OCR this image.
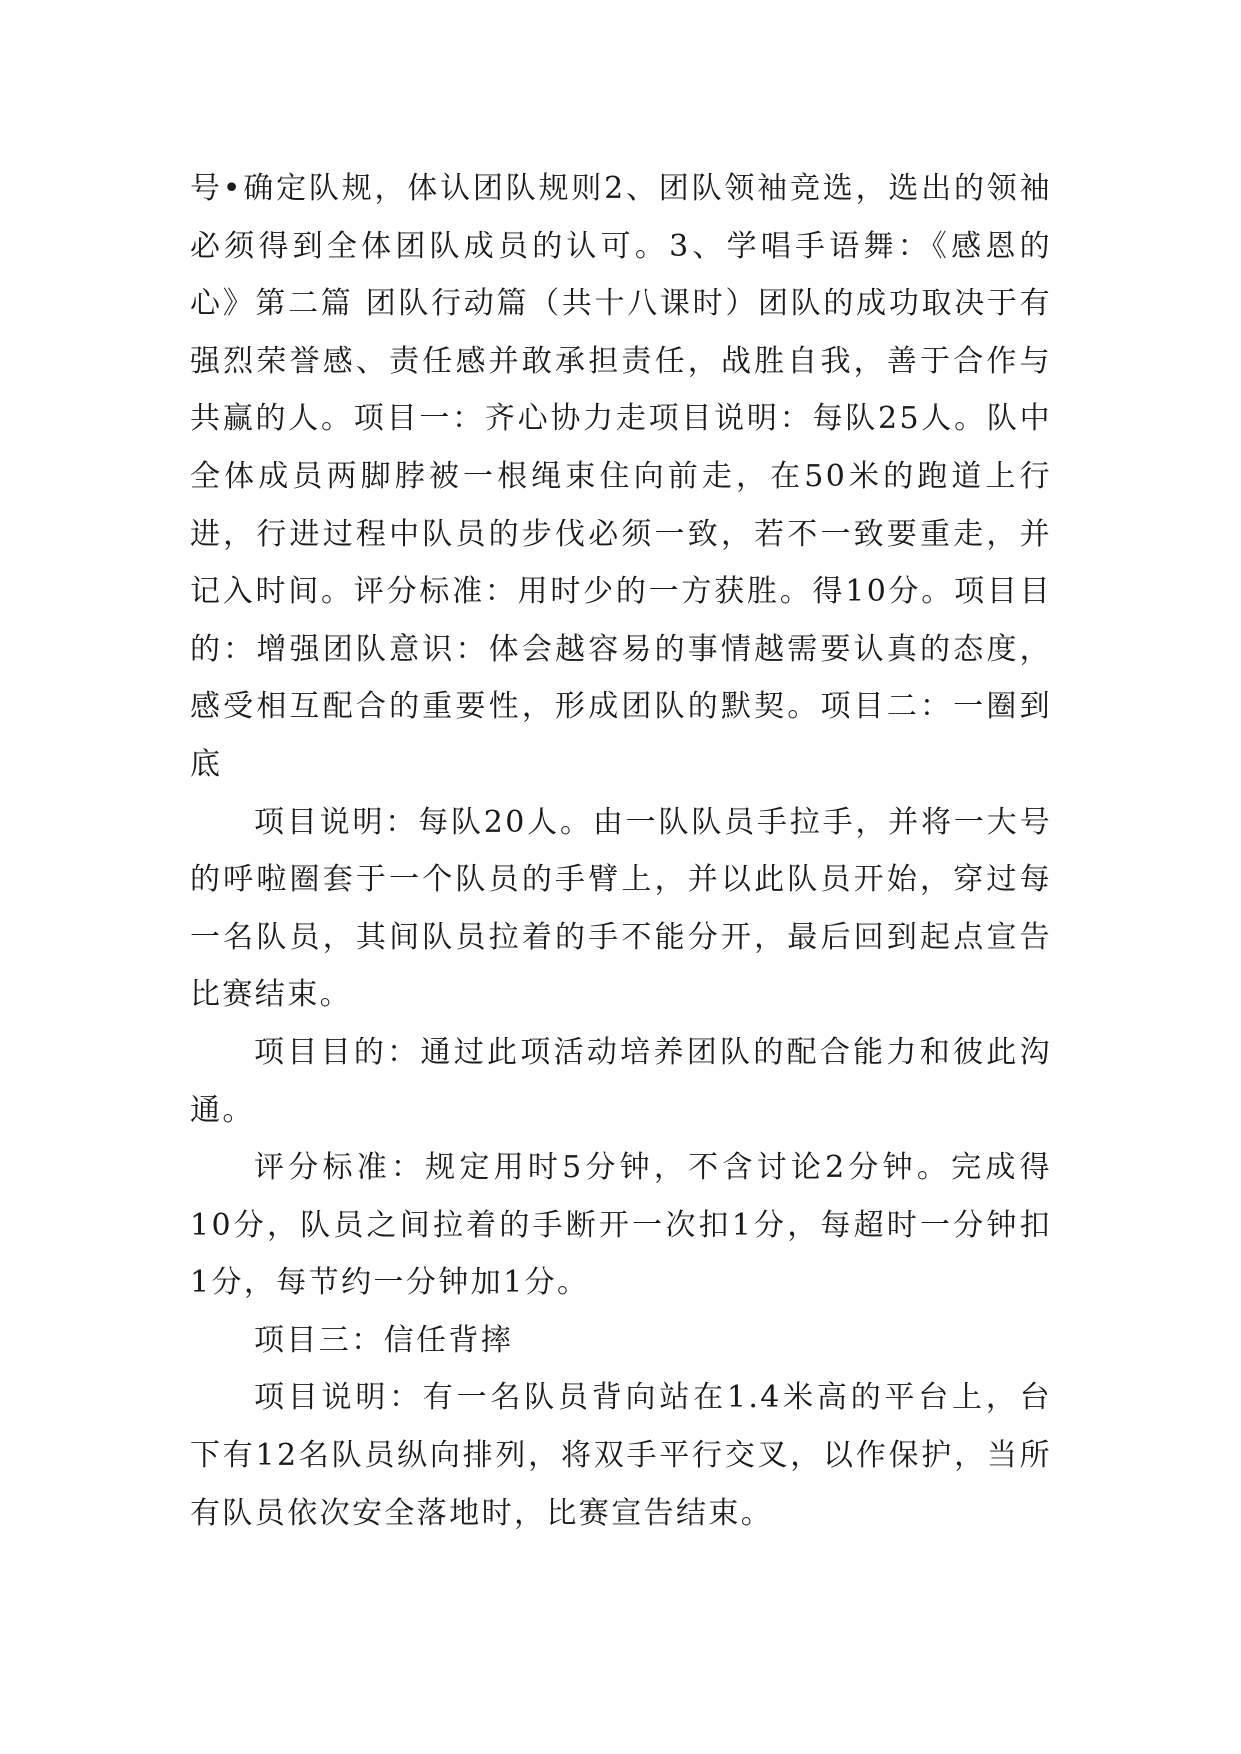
号•确定队规，体认团队规则2、团队领袖竞选，选出的领袖必须得到全体团队成员的认可。3、学唱手语舞：《感恩的心》第二篇 团队行动篇（共十八课时）团队的成功取决于有强烈荣誉感、责任感并敢承担责任，战胜自我，善于合作与共赢的人。项目一：齐心协力走项目说明：每队25人。队中全体成员两脚脖被一根绳束住向前走，在50米的跑道上行进，行进过程中队员的步伐必须一致，若不一致要重走，并记入时间。评分标准：用时少的一方获胜。得10分。项目目的：增强团队意识：体会越容易的事情越需要认真的态度，感受相互配合的重要性，形成团队的默契。项目二：一圈到底

项目说明：每队20人。由一队队员手拉手，并将一大号的呼啦圈套于一个队员的手臂上，并以此队员开始，穿过每一名队员，其间队员拉着的手不能分开，最后回到起点宣告比赛结束。

项目目的：通过此项活动培养团队的配合能力和彼此沟通。

评分标准：规定用时5分钟，不含讨论2分钟。完成得10分，队员之间拉着的手断开一次扣1分，每超时一分钟扣1分，每节约一分钟加1分。

项目三：信任背摔

项目说明：有一名队员背向站在1.4米高的平台上，台下有12名队员纵向排列，将双手平行交叉，以作保护，当所有队员依次安全落地时，比赛宣告结束。
